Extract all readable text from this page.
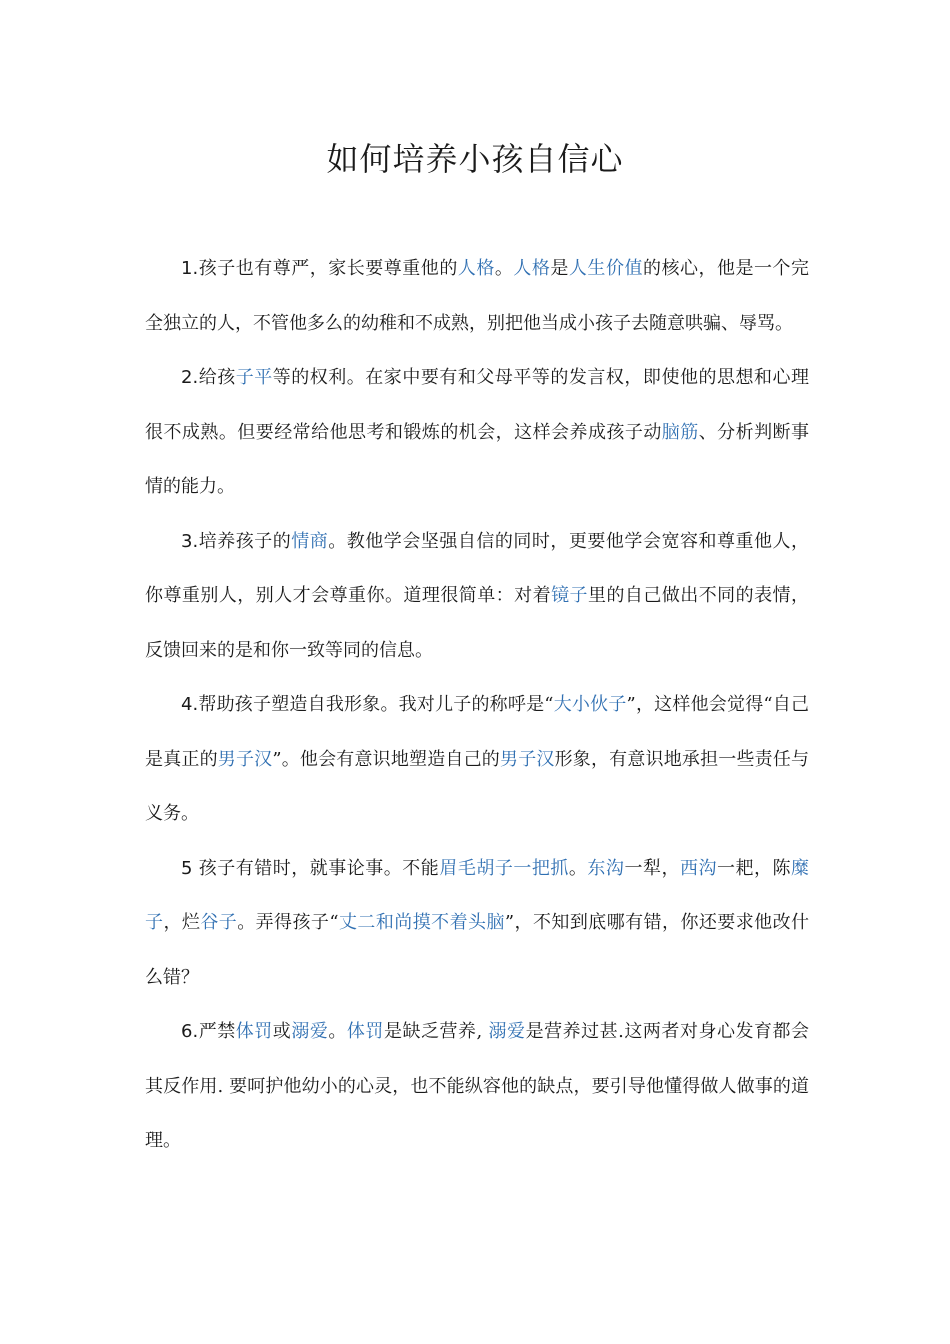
如何培养小孩自信心

1.孩子也有尊严，家长要尊重他的人格。人格是人生价值的核心，他是一个完全独立的人，不管他多么的幼稚和不成熟，别把他当成小孩子去随意哄骗、辱骂。

2.给孩子平等的权利。在家中要有和父母平等的发言权，即使他的思想和心理很不成熟。但要经常给他思考和锻炼的机会，这样会养成孩子动脑筋、分析判断事情的能力。

3.培养孩子的情商。教他学会坚强自信的同时，更要他学会宽容和尊重他人，你尊重别人，别人才会尊重你。道理很简单：对着镜子里的自己做出不同的表情，反馈回来的是和你一致等同的信息。

4.帮助孩子塑造自我形象。我对儿子的称呼是“大小伙子”，这样他会觉得“自己是真正的男子汉”。他会有意识地塑造自己的男子汉形象，有意识地承担一些责任与义务。

5 孩子有错时，就事论事。不能眉毛胡子一把抓。东沟一犁，西沟一耙，陈糜子，烂谷子。弄得孩子“丈二和尚摸不着头脑”，不知到底哪有错，你还要求他改什么错？

6.严禁体罚或溺爱。体罚是缺乏营养, 溺爱是营养过甚.这两者对身心发育都会其反作用. 要呵护他幼小的心灵，也不能纵容他的缺点，要引导他懂得做人做事的道理。
